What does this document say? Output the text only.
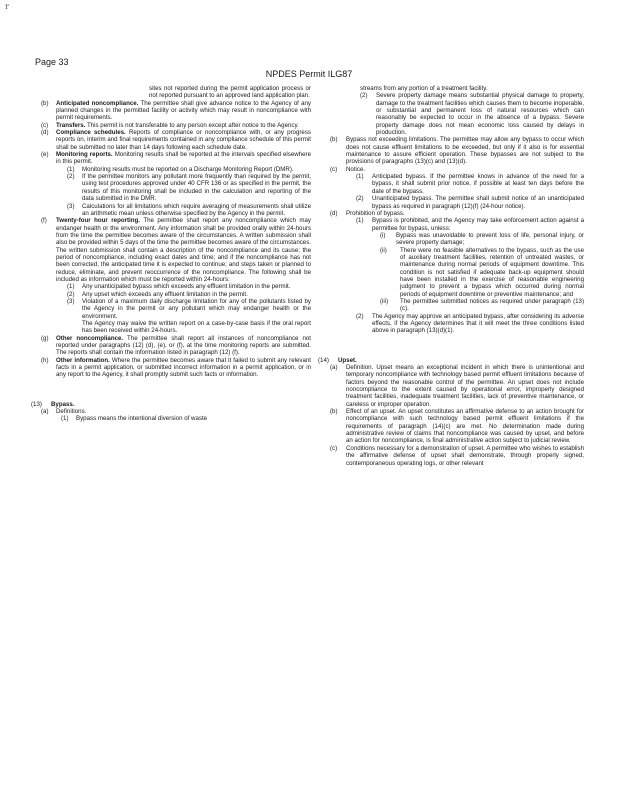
r
Page 33
NPDES Permit ILG87
sites not reported during the permit application process or not reported pursuant to an approved land application plan.
(b) Anticipated noncompliance. The permittee shall give advance notice to the Agency of any planned changes in the permitted facility or activity which may result in noncompliance with permit requirements.
(c) Transfers. This permit is not transferable to any person except after notice to the Agency.
(d) Compliance schedules. Reports of compliance or noncompliance with, or any progress reports on, interim and final requirements contained in any compliance schedule of this permit shall be submitted no later than 14 days following each schedule date.
(e) Monitoring reports. Monitoring results shall be reported at the intervals specified elsewhere in this permit.
(1) Monitoring results must be reported on a Discharge Monitoring Report (DMR).
(2) If the permittee monitors any pollutant more frequently than required by the permit, using test procedures approved under 40 CFR 136 or as specified in the permit, the results of this monitoring shall be included in the calculation and reporting of the data submitted in the DMR.
(3) Calculations for all limitations which require averaging of measurements shall utilize an arithmetic mean unless otherwise specified by the Agency in the permit.
(f) Twenty-four hour reporting. The permittee shall report any noncompliance which may endanger health or the environment. Any information shall be provided orally within 24-hours from the time the permittee becomes aware of the circumstances. A written submission shall also be provided within 5 days of the time the permittee becomes aware of the circumstances. The written submission shall contain a description of the noncompliance and its cause; the period of noncompliance, including exact dates and time; and if the noncompliance has not been corrected, the anticipated time it is expected to continue; and steps taken or planned to reduce, eliminate, and prevent reoccurrence of the noncompliance. The following shall be included as information which must be reported within 24-hours:
(1) Any unanticipated bypass which exceeds any effluent limitation in the permit.
(2) Any upset which exceeds any effluent limitation in the permit.
(3) Violation of a maximum daily discharge limitation for any of the pollutants listed by the Agency in the permit or any pollutant which may endanger health or the environment.
The Agency may waive the written report on a case-by-case basis if the oral report has been received within 24-hours.
(g) Other noncompliance. The permittee shall report all instances of noncompliance not reported under paragraphs (12) (d), (e), or (f), at the time monitoring reports are submitted. The reports shall contain the information listed in paragraph (12) (f).
(h) Other information. Where the permittee becomes aware that it failed to submit any relevant facts in a permit application, or submitted incorrect information in a permit application, or in any report to the Agency, it shall promptly submit such facts or information.
(13) Bypass.
(a) Definitions.
(1) Bypass means the intentional diversion of waste
streams from any portion of a treatment facility.
(2) Severe property damage means substantial physical damage to property, damage to the treatment facilities which causes them to become inoperable, or substantial and permanent loss of natural resources which can reasonably be expected to occur in the absence of a bypass. Severe property damage does not mean economic loss caused by delays in production.
(b) Bypass not exceeding limitations. The permittee may allow any bypass to occur which does not cause effluent limitations to be exceeded, but only if it also is for essential maintenance to assure efficient operation. These bypasses are not subject to the provisions of paragraphs (13)(c) and (13)(d).
(c) Notice.
(1) Anticipated bypass. If the permittee knows in advance of the need for a bypass, it shall submit prior notice, if possible at least ten days before the date of the bypass.
(2) Unanticipated bypass. The permittee shall submit notice of an unanticipated bypass as required in paragraph (12)(f) (24-hour notice).
(d) Prohibition of bypass.
(1) Bypass is prohibited, and the Agency may take enforcement action against a permittee for bypass, unless:
(i) Bypass was unavoidable to prevent loss of life, personal injury, or severe property damage;
(ii) There were no feasible alternatives to the bypass, such as the use of auxiliary treatment facilities, retention of untreated wastes, or maintenance during normal periods of equipment downtime. This condition is not satisfied if adequate back-up equipment should have been installed in the exercise of reasonable engineering judgment to prevent a bypass which occurred during normal periods of equipment downtime or preventive maintenance; and
(iii) The permittee submitted notices as required under paragraph (13)(c).
(2) The Agency may approve an anticipated bypass, after considering its adverse effects, if the Agency determines that it will meet the three conditions listed above in paragraph (13)(d)(1).
(14) Upset.
(a) Definition. Upset means an exceptional incident in which there is unintentional and temporary noncompliance with technology based permit effluent limitations because of factors beyond the reasonable control of the permittee. An upset does not include noncompliance to the extent caused by operational error, improperly designed treatment facilities, inadequate treatment facilities, lack of preventive maintenance, or careless or improper operation.
(b) Effect of an upset. An upset constitutes an affirmative defense to an action brought for noncompliance with such technology based permit effluent limitations if the requirements of paragraph (14)(c) are met. No determination made during administrative review of claims that noncompliance was caused by upset, and before an action for noncompliance, is final administrative action subject to judicial review.
(c) Conditions necessary for a demonstration of upset. A permittee who wishes to establish the affirmative defense of upset shall demonstrate, through properly signed, contemporaneous operating logs, or other relevant
